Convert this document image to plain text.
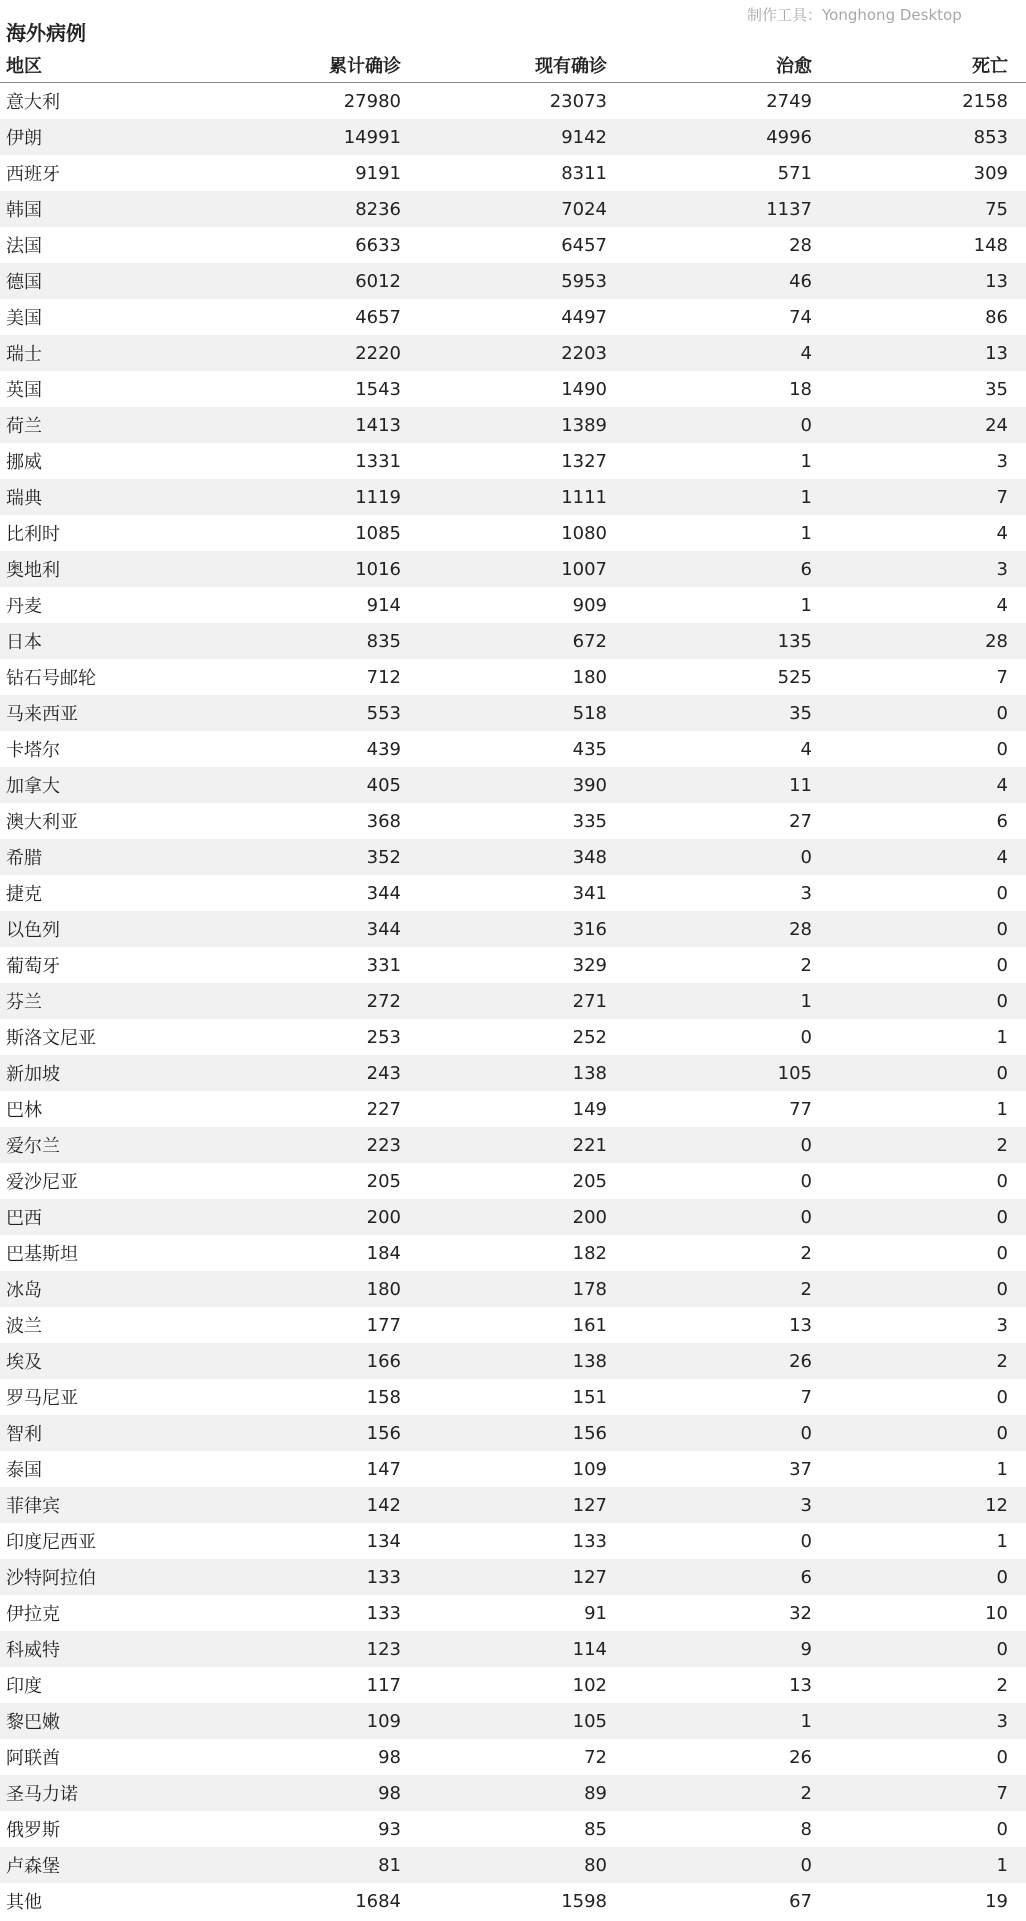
制作工具：Yonghong Desktop
海外病例
地区	累计确诊	现有确诊	治愈	死亡
意大利	27980	23073	2749	2158
伊朗	14991	9142	4996	853
西班牙	9191	8311	571	309
韩国	8236	7024	1137	75
法国	6633	6457	28	148
德国	6012	5953	46	13
美国	4657	4497	74	86
瑞士	2220	2203	4	13
英国	1543	1490	18	35
荷兰	1413	1389	0	24
挪威	1331	1327	1	3
瑞典	1119	1111	1	7
比利时	1085	1080	1	4
奥地利	1016	1007	6	3
丹麦	914	909	1	4
日本	835	672	135	28
钻石号邮轮	712	180	525	7
马来西亚	553	518	35	0
卡塔尔	439	435	4	0
加拿大	405	390	11	4
澳大利亚	368	335	27	6
希腊	352	348	0	4
捷克	344	341	3	0
以色列	344	316	28	0
葡萄牙	331	329	2	0
芬兰	272	271	1	0
斯洛文尼亚	253	252	0	1
新加坡	243	138	105	0
巴林	227	149	77	1
爱尔兰	223	221	0	2
爱沙尼亚	205	205	0	0
巴西	200	200	0	0
巴基斯坦	184	182	2	0
冰岛	180	178	2	0
波兰	177	161	13	3
埃及	166	138	26	2
罗马尼亚	158	151	7	0
智利	156	156	0	0
泰国	147	109	37	1
菲律宾	142	127	3	12
印度尼西亚	134	133	0	1
沙特阿拉伯	133	127	6	0
伊拉克	133	91	32	10
科威特	123	114	9	0
印度	117	102	13	2
黎巴嫩	109	105	1	3
阿联酋	98	72	26	0
圣马力诺	98	89	2	7
俄罗斯	93	85	8	0
卢森堡	81	80	0	1
其他	1684	1598	67	19
